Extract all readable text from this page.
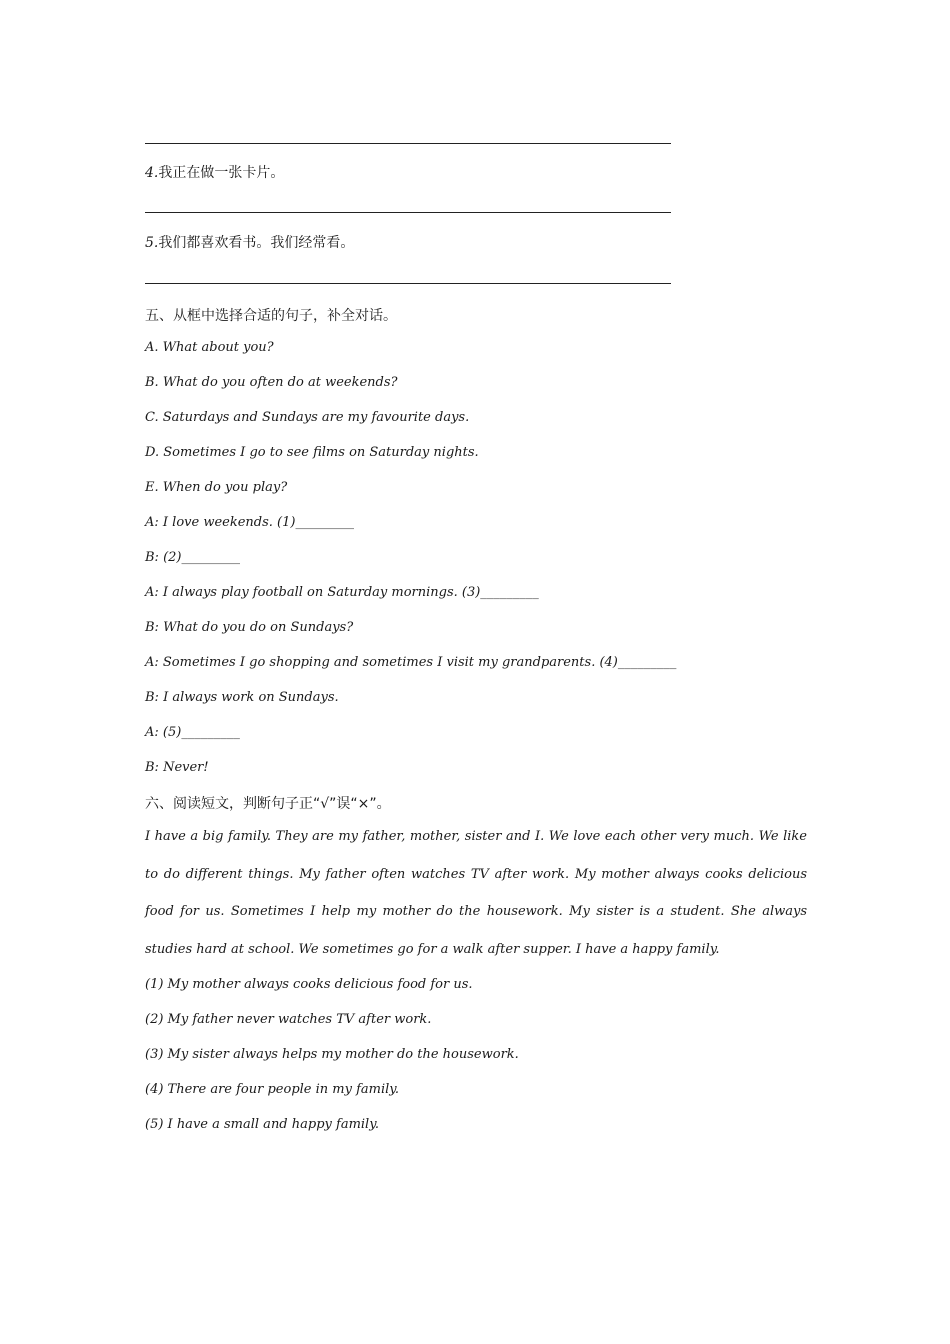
4.我正在做一张卡片。
5.我们都喜欢看书。我们经常看。
五、从框中选择合适的句子，补全对话。
A. What about you?
B. What do you often do at weekends?
C. Saturdays and Sundays are my favourite days.
D. Sometimes I go to see films on Saturday nights.
E. When do you play?
A: I love weekends. (1)_________
B: (2)_________
A: I always play football on Saturday mornings. (3)_________
B: What do you do on Sundays?
A: Sometimes I go shopping and sometimes I visit my grandparents. (4)_________
B: I always work on Sundays.
A: (5)_________
B: Never!
六、阅读短文，判断句子正“√”误“×”。
I have a big family. They are my father, mother, sister and I. We love each other very much. We like to do different things. My father often watches TV after work. My mother always cooks delicious food for us. Sometimes I help my mother do the housework. My sister is a student. She always studies hard at school. We sometimes go for a walk after supper. I have a happy family.
(1) My mother always cooks delicious food for us.
(2) My father never watches TV after work.
(3) My sister always helps my mother do the housework.
(4) There are four people in my family.
(5) I have a small and happy family.
